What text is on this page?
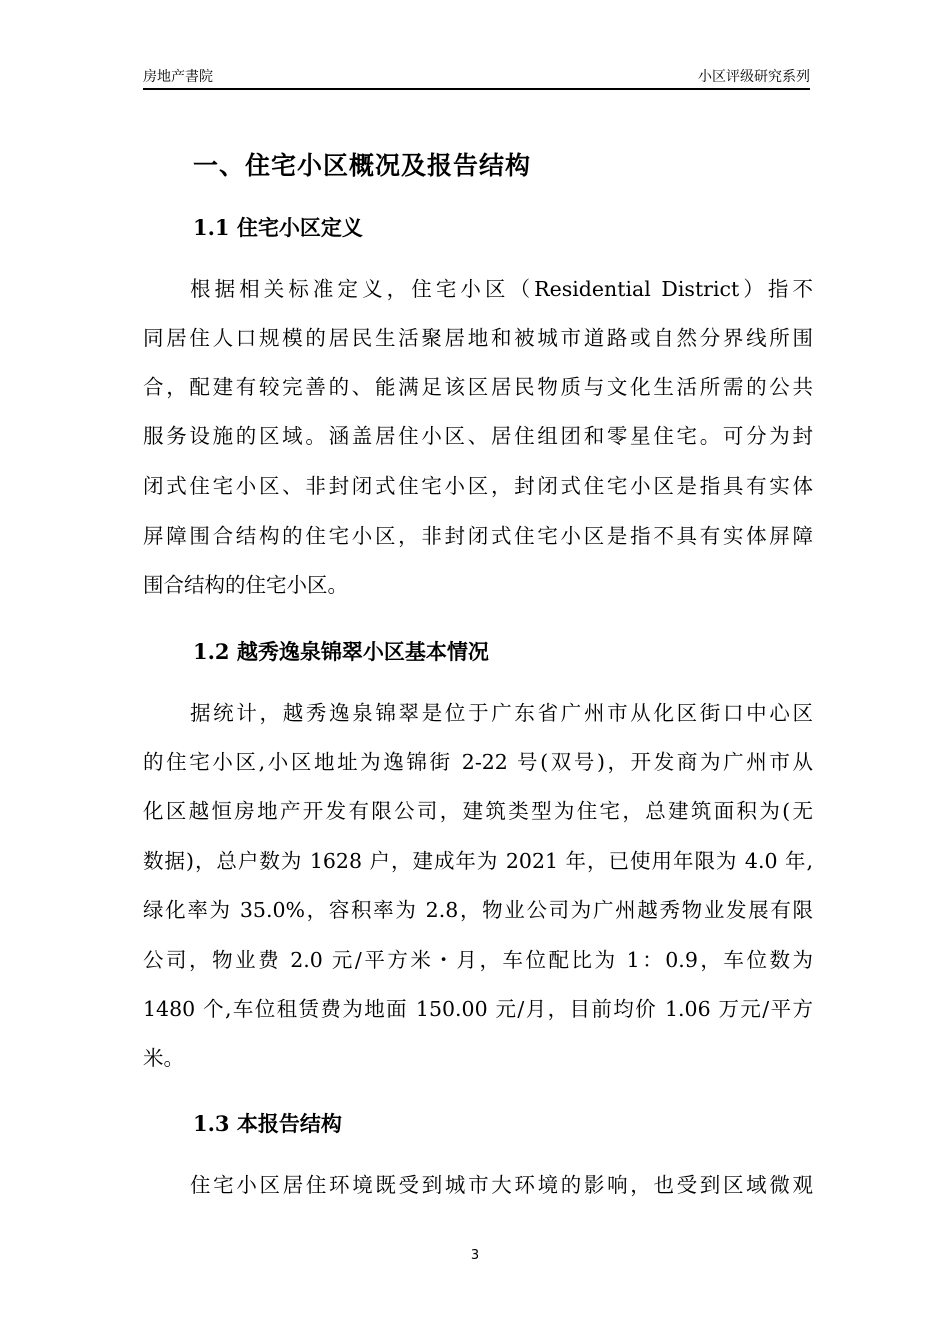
房地产書院	小区评级研究系列
一、住宅小区概况及报告结构
1.1 住宅小区定义
根据相关标准定义，住宅小区（Residential District）指不
同居住人口规模的居民生活聚居地和被城市道路或自然分界线所围
合，配建有较完善的、能满足该区居民物质与文化生活所需的公共
服务设施的区域。涵盖居住小区、居住组团和零星住宅。可分为封
闭式住宅小区、非封闭式住宅小区，封闭式住宅小区是指具有实体
屏障围合结构的住宅小区，非封闭式住宅小区是指不具有实体屏障
围合结构的住宅小区。
1.2 越秀逸泉锦翠小区基本情况
据统计，越秀逸泉锦翠是位于广东省广州市从化区街口中心区
的住宅小区,小区地址为逸锦街 2-22 号(双号)，开发商为广州市从
化区越恒房地产开发有限公司，建筑类型为住宅，总建筑面积为(无
数据)，总户数为 1628 户，建成年为 2021 年，已使用年限为 4.0 年,
绿化率为 35.0%，容积率为 2.8，物业公司为广州越秀物业发展有限
公司，物业费 2.0 元/平方米・月，车位配比为 1：0.9，车位数为
1480 个,车位租赁费为地面 150.00 元/月，目前均价 1.06 万元/平方
米。
1.3 本报告结构
住宅小区居住环境既受到城市大环境的影响，也受到区域微观
3
